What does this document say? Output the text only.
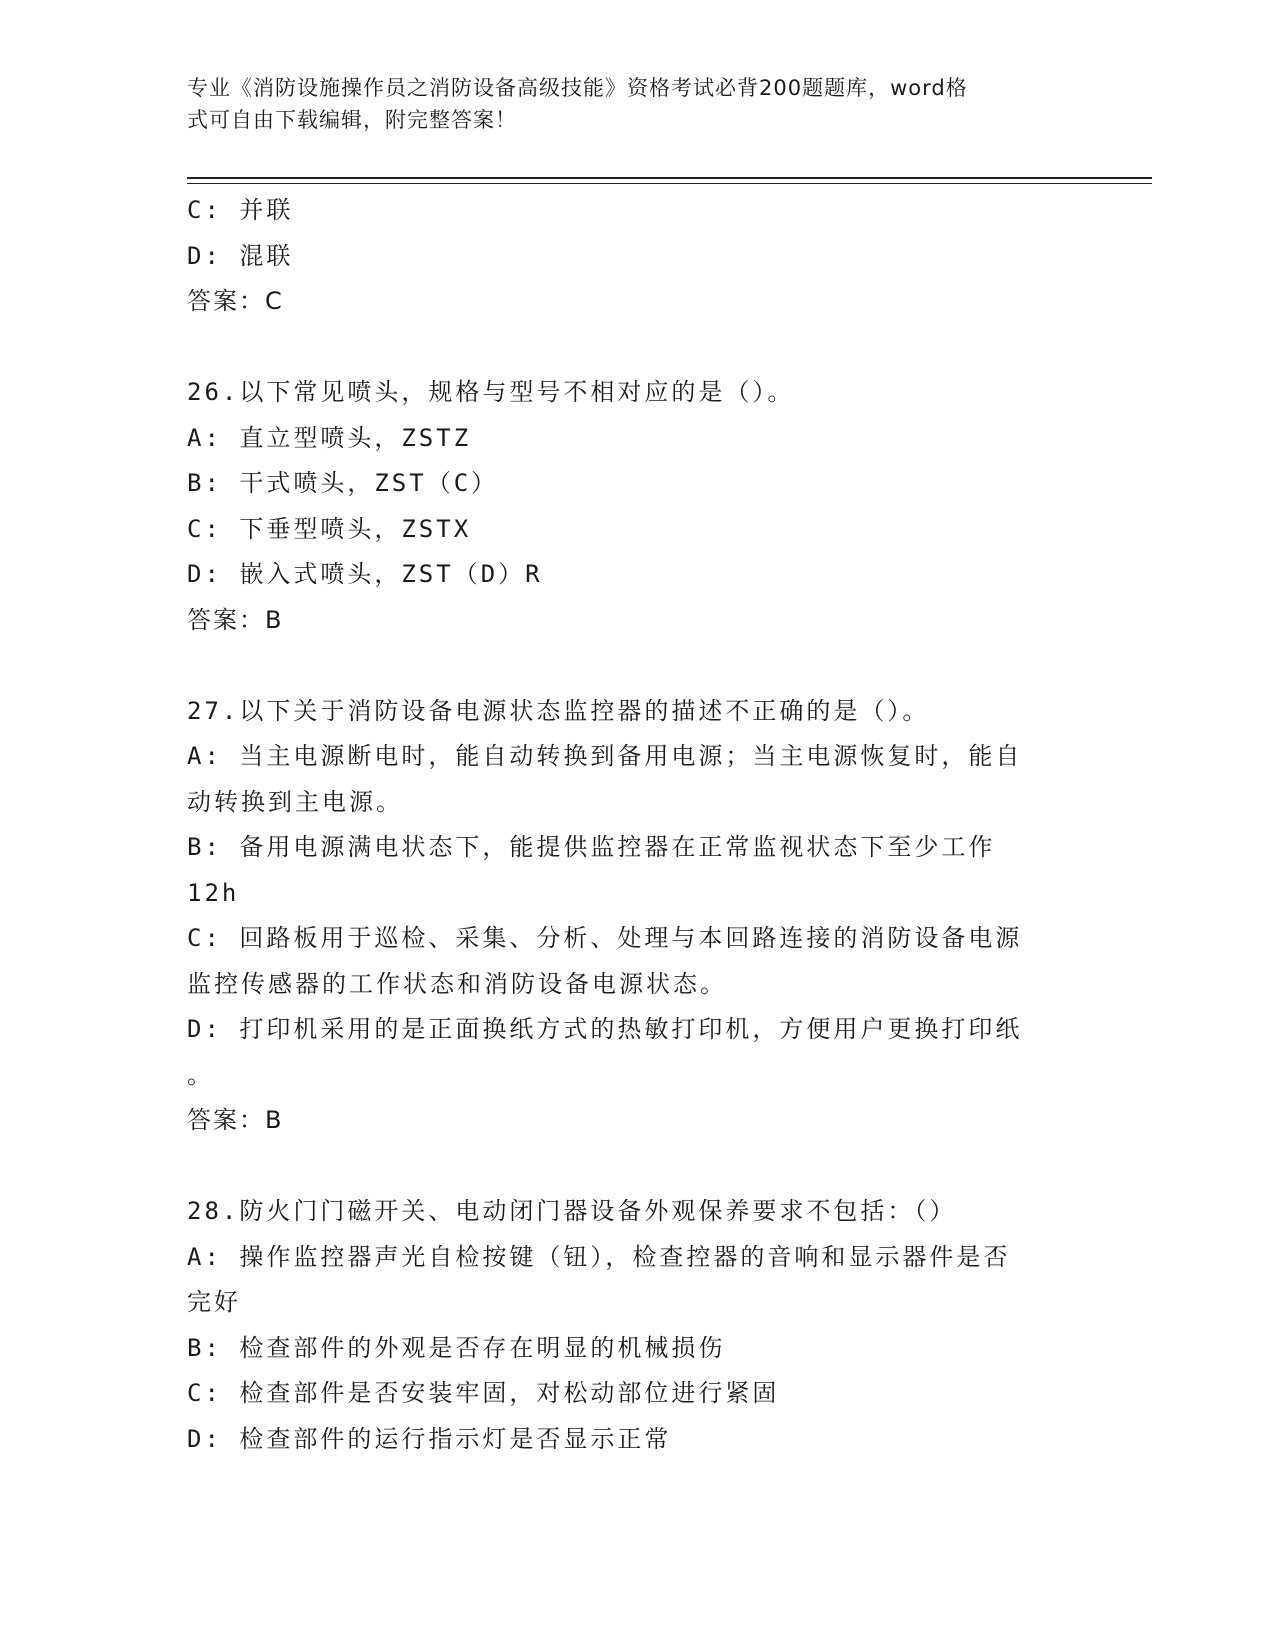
专业《消防设施操作员之消防设备高级技能》资格考试必背200题题库，word格
式可自由下载编辑，附完整答案！
C: 并联
D: 混联
答案：C
26.以下常见喷头，规格与型号不相对应的是（）。
A: 直立型喷头，ZSTZ
B: 干式喷头，ZST（C）
C: 下垂型喷头，ZSTX
D: 嵌入式喷头，ZST（D）R
答案：B
27.以下关于消防设备电源状态监控器的描述不正确的是（）。
A: 当主电源断电时，能自动转换到备用电源；当主电源恢复时，能自
动转换到主电源。
B: 备用电源满电状态下，能提供监控器在正常监视状态下至少工作
12h
C: 回路板用于巡检、采集、分析、处理与本回路连接的消防设备电源
监控传感器的工作状态和消防设备电源状态。
D: 打印机采用的是正面换纸方式的热敏打印机，方便用户更换打印纸
。
答案：B
28.防火门门磁开关、电动闭门器设备外观保养要求不包括：（）
A: 操作监控器声光自检按键（钮），检查控器的音响和显示器件是否
完好
B: 检查部件的外观是否存在明显的机械损伤
C: 检查部件是否安装牢固，对松动部位进行紧固
D: 检查部件的运行指示灯是否显示正常
